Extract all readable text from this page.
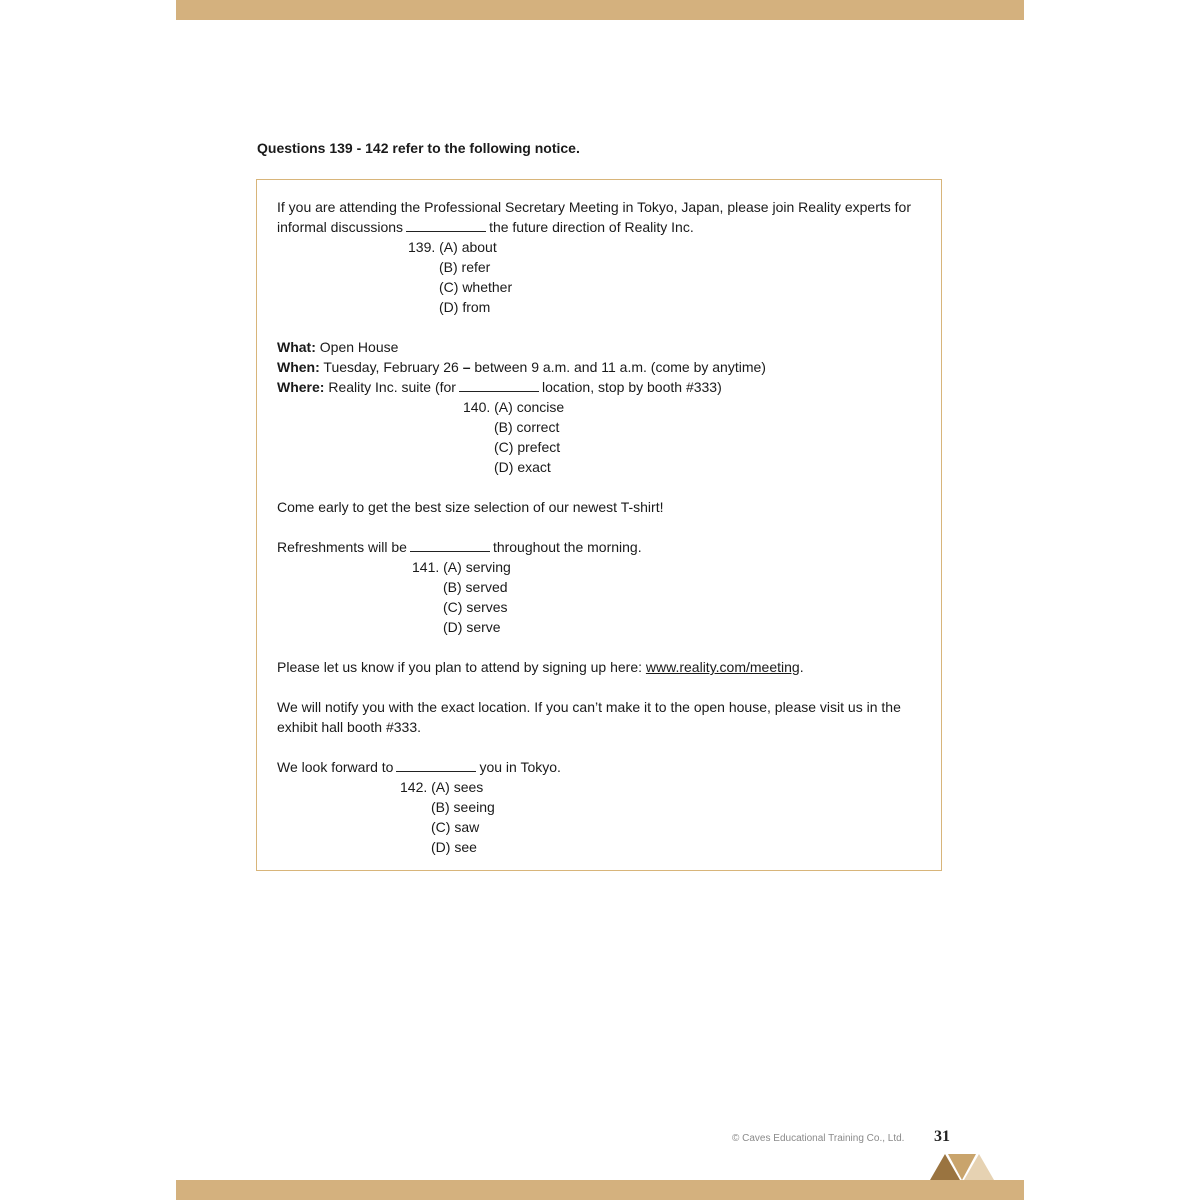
Questions 139 - 142 refer to the following notice.
If you are attending the Professional Secretary Meeting in Tokyo, Japan, please join Reality experts for
informal discussions	the future direction of Reality Inc.
139. (A) about
(B) refer
(C) whether
(D) from
What: Open House
When: Tuesday, February 26 – between 9 a.m. and 11 a.m. (come by anytime)
Where: Reality Inc. suite (for	location, stop by booth #333)
140. (A) concise
(B) correct
(C) prefect
(D) exact
Come early to get the best size selection of our newest T-shirt!
Refreshments will be	throughout the morning.
141. (A) serving
(B) served
(C) serves
(D) serve
Please let us know if you plan to attend by signing up here: www.reality.com/meeting.
We will notify you with the exact location. If you can’t make it to the open house, please visit us in the
exhibit hall booth #333.
We look forward to	you in Tokyo.
142. (A) sees
(B) seeing
(C) saw
(D) see
© Caves Educational Training Co., Ltd. 31
